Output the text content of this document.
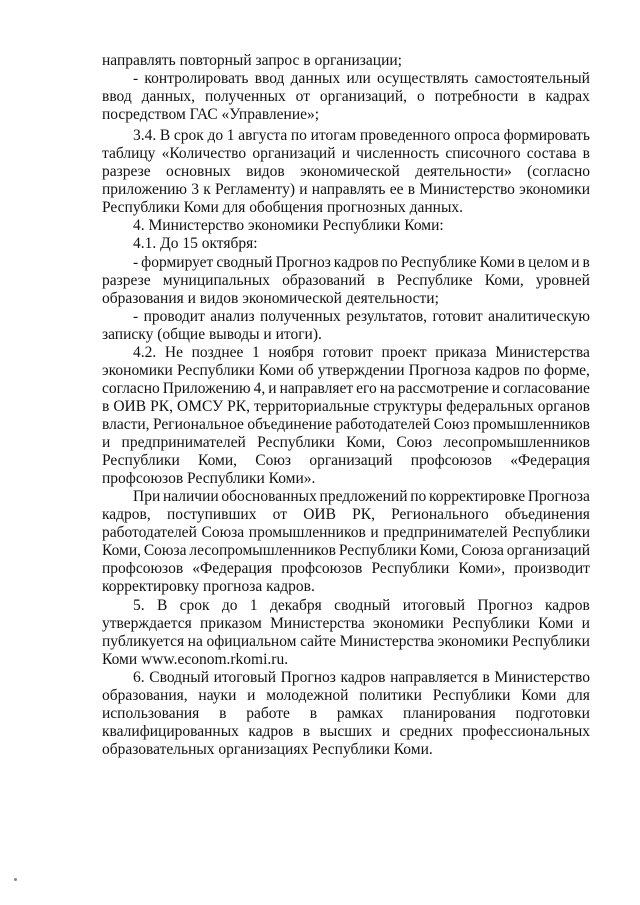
направлять повторный запрос в организации;
- контролировать ввод данных или осуществлять самостоятельный
ввод данных, полученных от организаций, о потребности в кадрах
посредством ГАС «Управление»;
3.4. В срок до 1 августа по итогам проведенного опроса формировать
таблицу «Количество организаций и численность списочного состава в
разрезе основных видов экономической деятельности» (согласно
приложению 3 к Регламенту) и направлять ее в Министерство экономики
Республики Коми для обобщения прогнозных данных.
4. Министерство экономики Республики Коми:
4.1. До 15 октября:
- формирует сводный Прогноз кадров по Республике Коми в целом и в
разрезе муниципальных образований в Республике Коми, уровней
образования и видов экономической деятельности;
- проводит анализ полученных результатов, готовит аналитическую
записку (общие выводы и итоги).
4.2. Не позднее 1 ноября готовит проект приказа Министерства
экономики Республики Коми об утверждении Прогноза кадров по форме,
согласно Приложению 4, и направляет его на рассмотрение и согласование
в ОИВ РК, ОМСУ РК, территориальные структуры федеральных органов
власти, Региональное объединение работодателей Союз промышленников
и предпринимателей Республики Коми, Союз лесопромышленников
Республики Коми, Союз организаций профсоюзов «Федерация
профсоюзов Республики Коми».
При наличии обоснованных предложений по корректировке Прогноза
кадров, поступивших от ОИВ РК, Регионального объединения
работодателей Союза промышленников и предпринимателей Республики
Коми, Союза лесопромышленников Республики Коми, Союза организаций
профсоюзов «Федерация профсоюзов Республики Коми», производит
корректировку прогноза кадров.
5. В срок до 1 декабря сводный итоговый Прогноз кадров
утверждается приказом Министерства экономики Республики Коми и
публикуется на официальном сайте Министерства экономики Республики
Коми www.econom.rkomi.ru.
6. Сводный итоговый Прогноз кадров направляется в Министерство
образования, науки и молодежной политики Республики Коми для
использования в работе в рамках планирования подготовки
квалифицированных кадров в высших и средних профессиональных
образовательных организациях Республики Коми.
